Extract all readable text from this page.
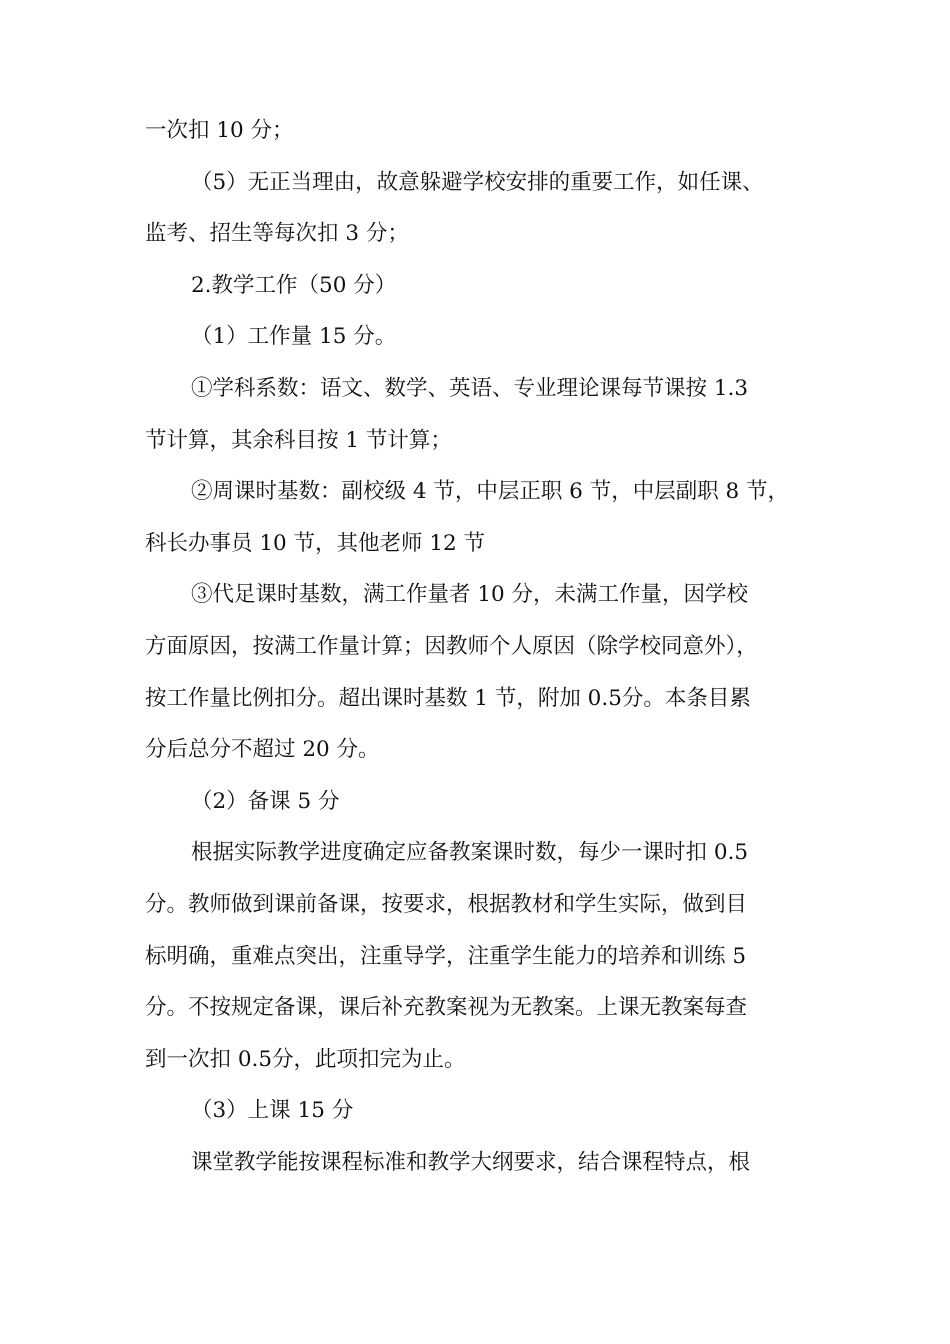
一次扣 10 分；
（5）无正当理由，故意躲避学校安排的重要工作，如任课、
监考、招生等每次扣 3 分；
2.教学工作（50 分）
（1）工作量 15 分。
①学科系数：语文、数学、英语、专业理论课每节课按 1.3
节计算，其余科目按 1 节计算；
②周课时基数：副校级 4 节，中层正职 6 节，中层副职 8 节，
科长办事员 10 节，其他老师 12 节
③代足课时基数，满工作量者 10 分，未满工作量，因学校
方面原因，按满工作量计算；因教师个人原因（除学校同意外），
按工作量比例扣分。超出课时基数 1 节，附加 0.5分。本条目累
分后总分不超过 20 分。
（2）备课 5 分
根据实际教学进度确定应备教案课时数，每少一课时扣 0.5
分。教师做到课前备课，按要求，根据教材和学生实际，做到目
标明确，重难点突出，注重导学，注重学生能力的培养和训练 5
分。不按规定备课，课后补充教案视为无教案。上课无教案每查
到一次扣 0.5分，此项扣完为止。
（3）上课 15 分
课堂教学能按课程标准和教学大纲要求，结合课程特点，根
